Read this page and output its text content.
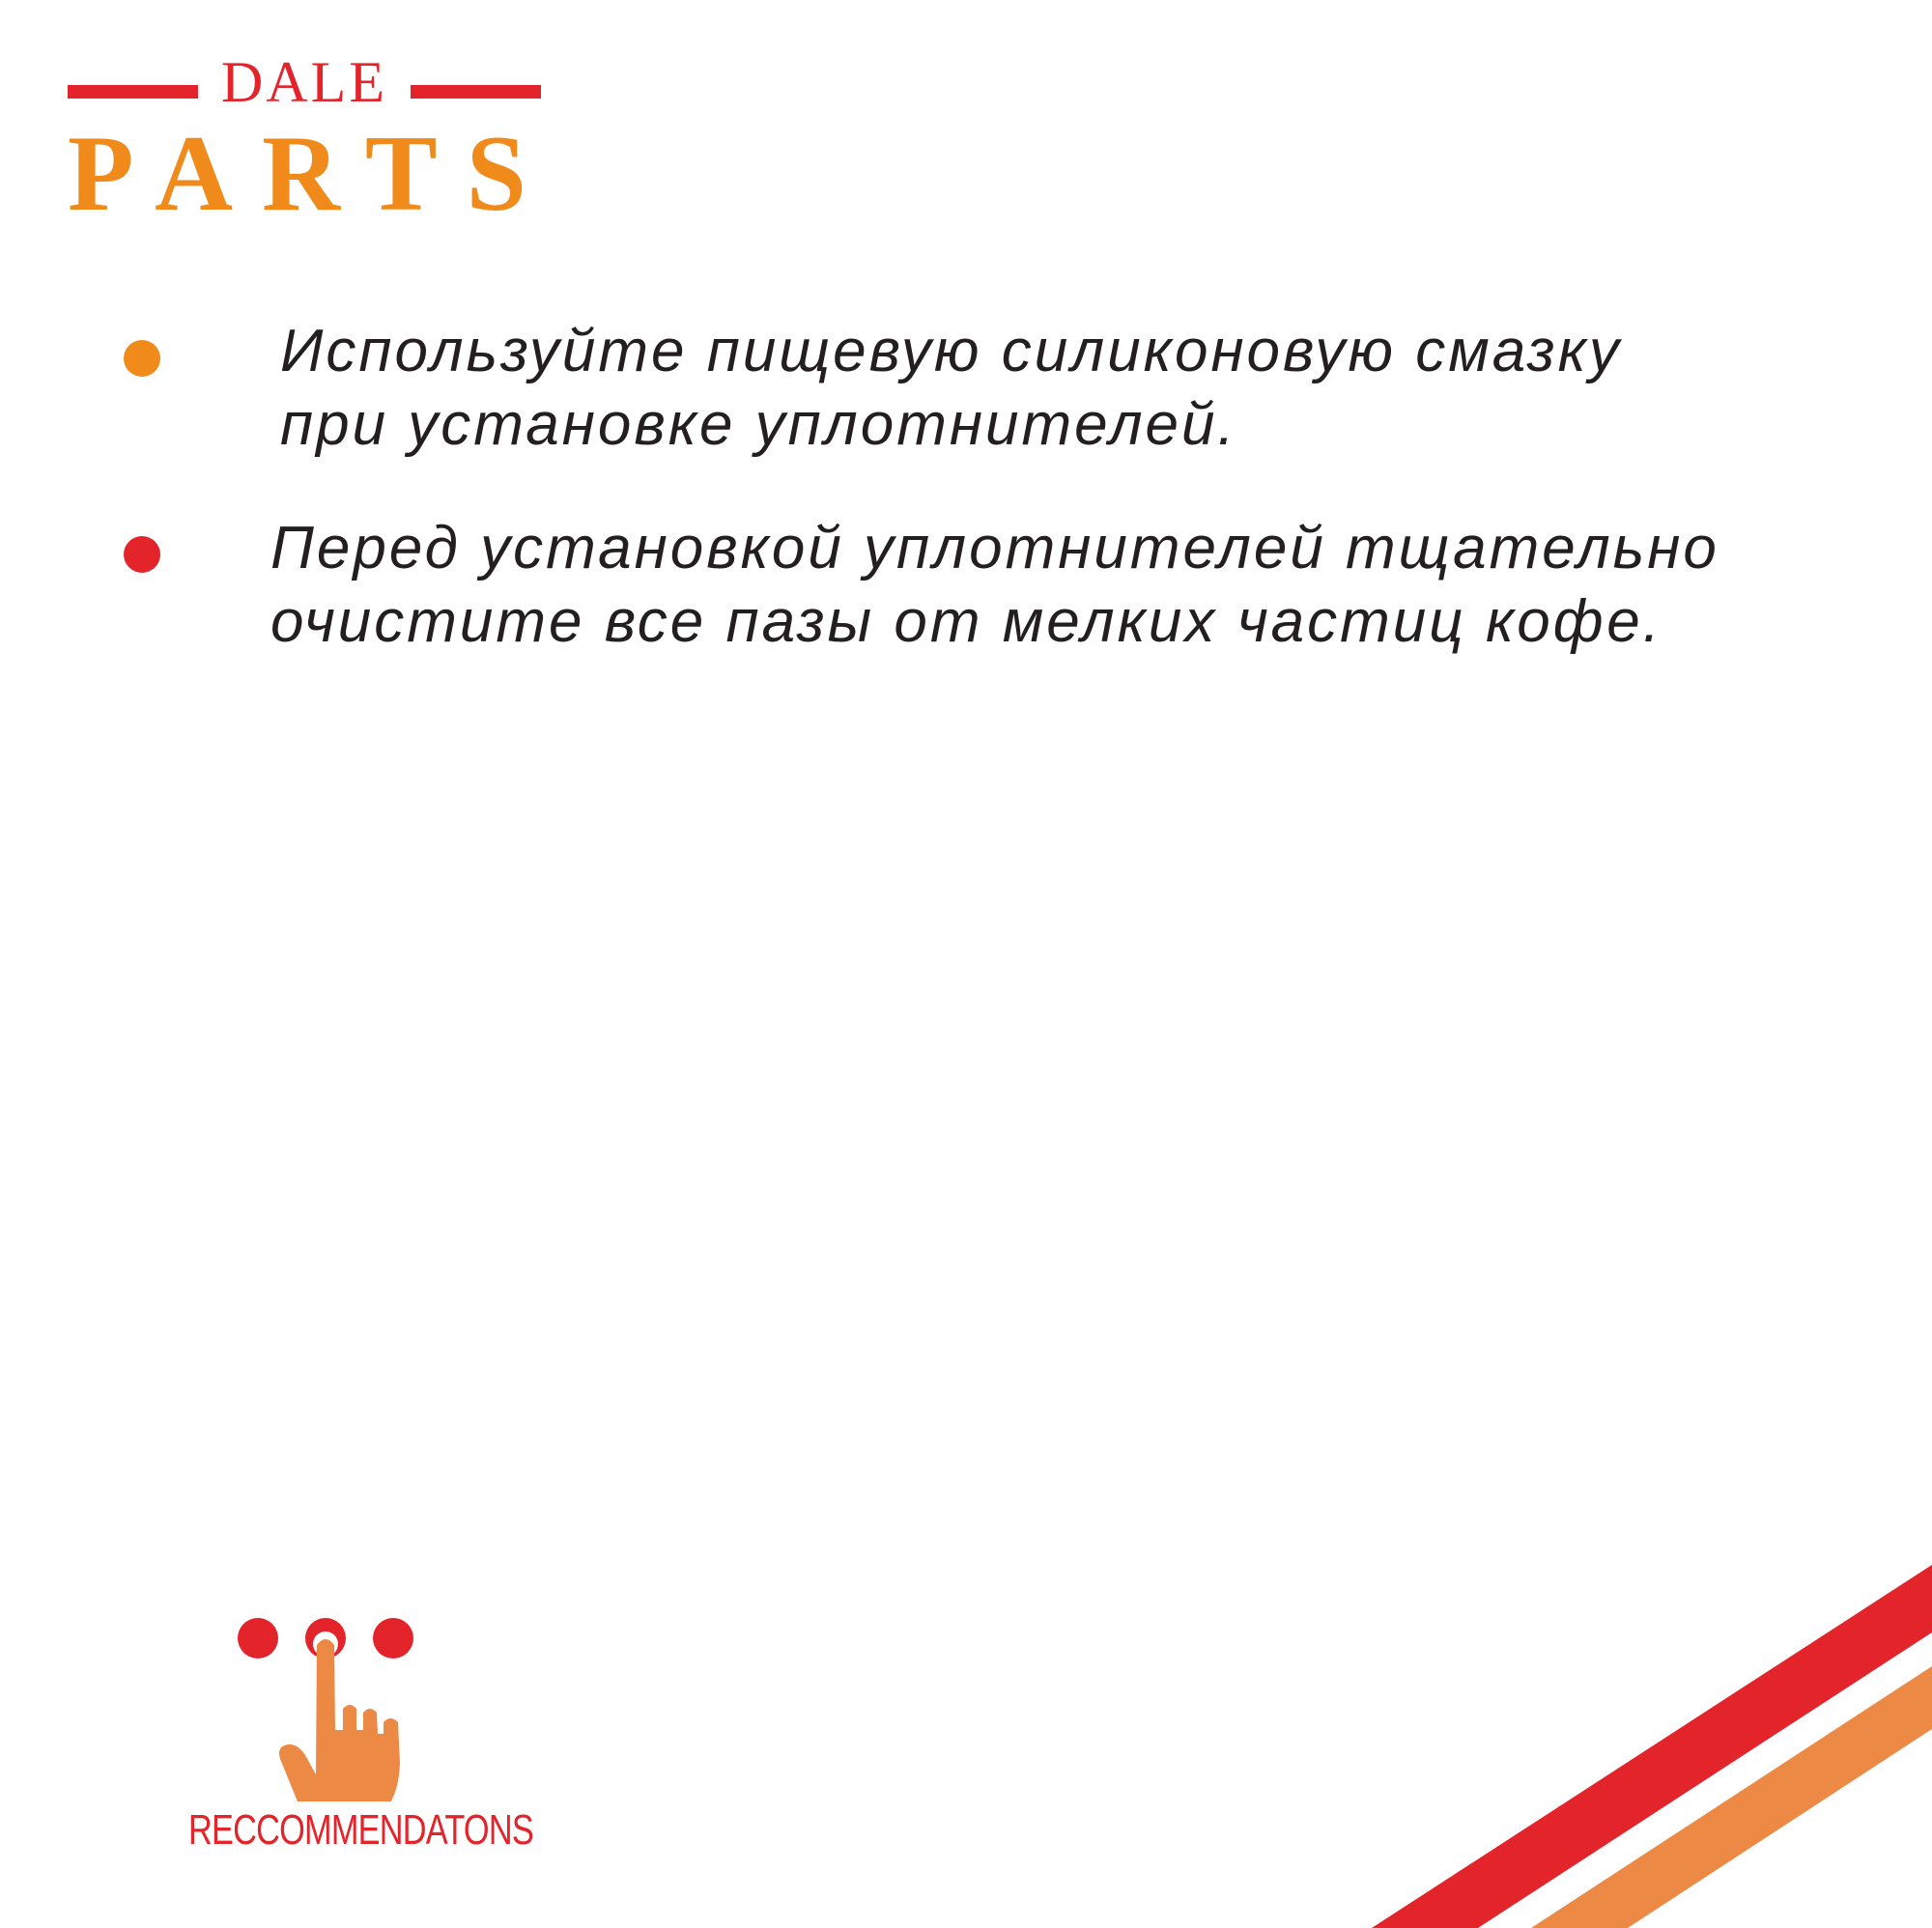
DALE
PARTS
Используйте пищевую силиконовую смазку
при установке уплотнителей.
Перед установкой уплотнителей тщательно
очистите все пазы от мелких частиц кофе.
RECCOMMENDATONS
